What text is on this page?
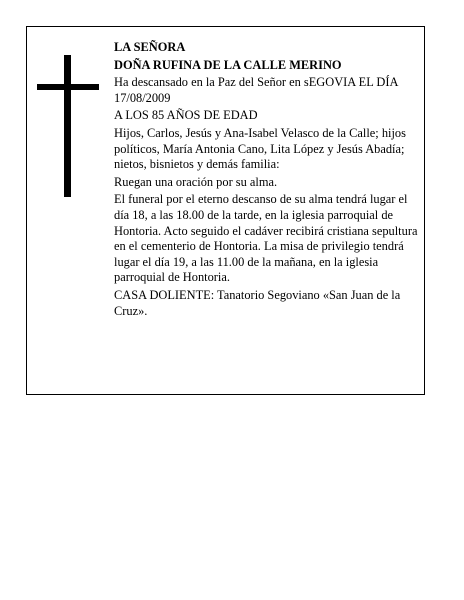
LA SEÑORA

DOÑA RUFINA DE LA CALLE MERINO

Ha descansado en la Paz del Señor en sEGOVIA EL DÍA 17/08/2009

A LOS 85 AÑOS DE EDAD

Hijos, Carlos, Jesús y Ana-Isabel Velasco de la Calle; hijos políticos, María Antonia Cano, Lita López y Jesús Abadía; nietos, bisnietos y demás familia:

Ruegan una oración por su alma.

El funeral por el eterno descanso de su alma tendrá lugar el día 18, a las 18.00 de la tarde, en la iglesia parroquial de Hontoria. Acto seguido el cadáver recibirá cristiana sepultura en el cementerio de Hontoria. La misa de privilegio tendrá lugar el día 19, a las 11.00 de la mañana, en la iglesia parroquial de Hontoria.

CASA DOLIENTE: Tanatorio Segoviano «San Juan de la Cruz».
